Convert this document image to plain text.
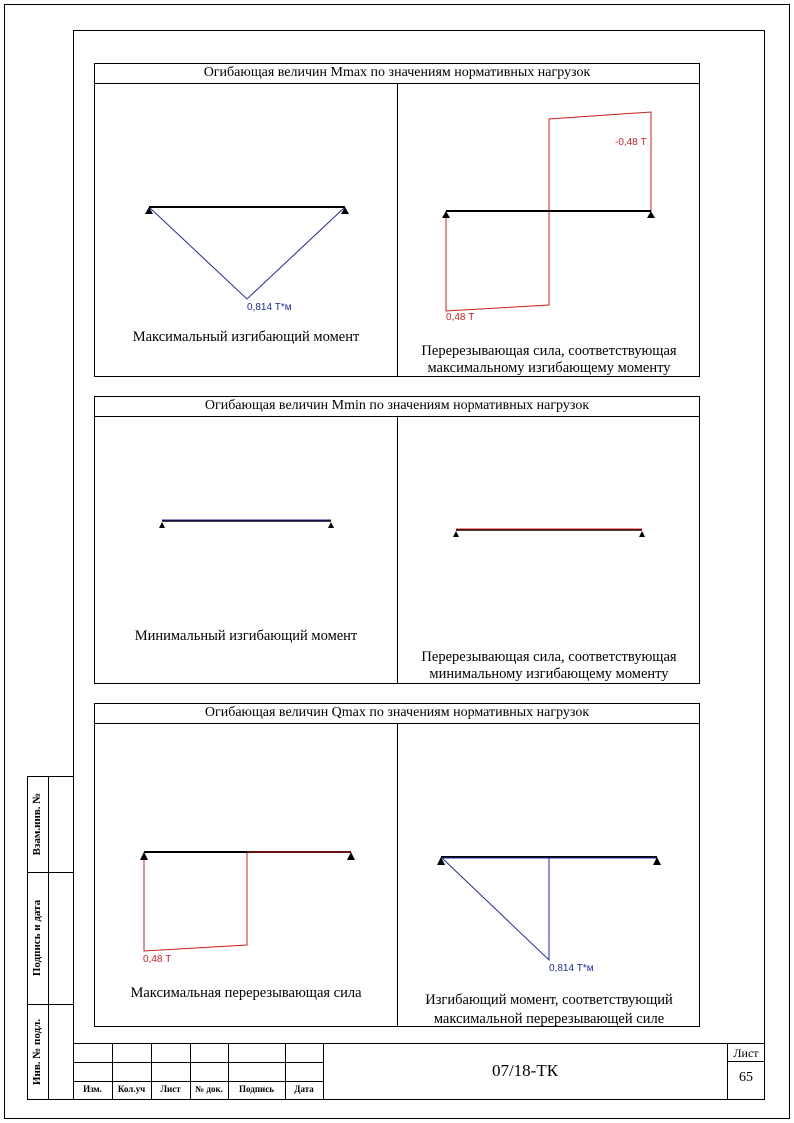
Огибающая величин Mmax по значениям нормативных нагрузок
0,814 Т*м
Максимальный изгибающий момент
-0,48 Т
0,48 Т
Перерезывающая сила, соответствующая
максимальному изгибающему моменту
Огибающая величин Mmin по значениям нормативных нагрузок
Минимальный изгибающий момент
Перерезывающая сила, соответствующая
минимальному изгибающему моменту
Огибающая величин Qmax по значениям нормативных нагрузок
0,48 Т
Максимальная перерезывающая сила
0,814 Т*м
Изгибающий момент, соответствующий
максимальной перерезывающей силе
Взам.инв. №
Подпись и дата
Инв. № подл.
Изм.	Кол.уч	Лист	№ док.	Подпись	Дата
07/18-ТК
Лист
65
